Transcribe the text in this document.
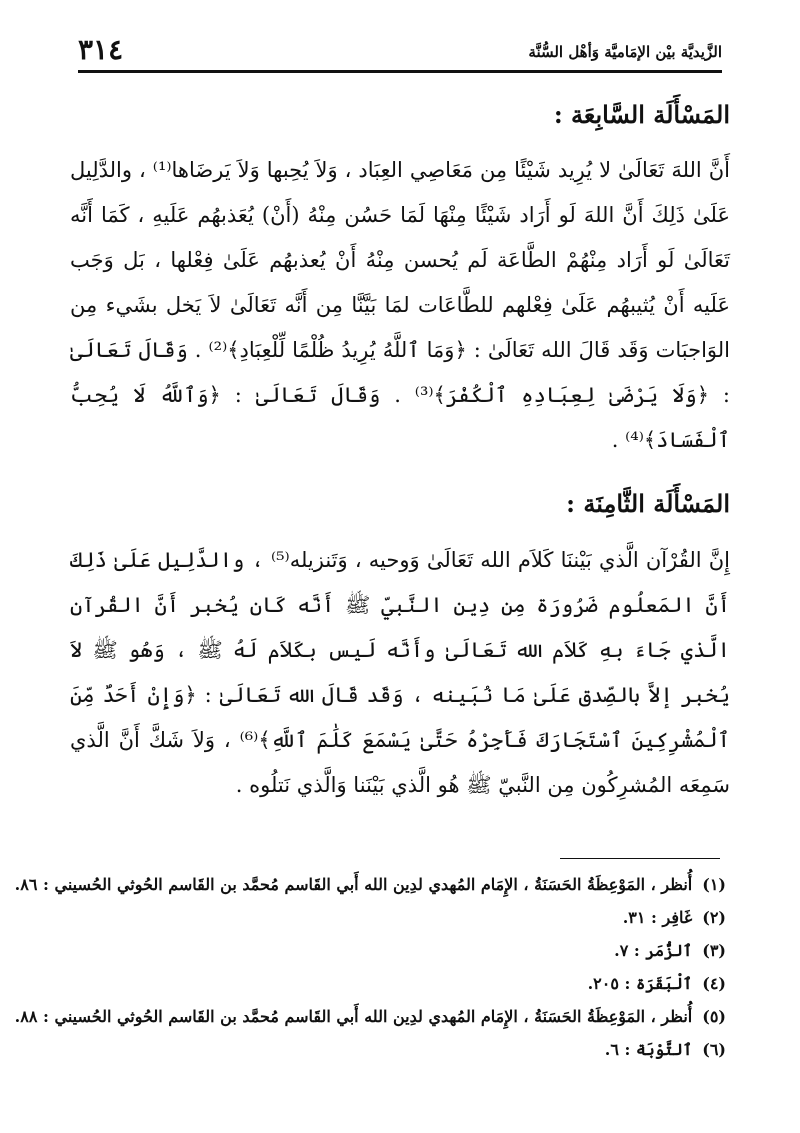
الزَّيديَّة بيْن الإمَاميَّة وَأهْل السُّنَّة
٣١٤
المَسْأَلَة السَّابِعَة :

أَنَّ اللهَ تَعَالَىٰ لا يُرِيد شَيْئًا مِن مَعَاصِي العِبَاد ، وَلاَ يُحِبها وَلاَ يَرضَاها⁽¹⁾ ، والدَّلِيل عَلَىٰ ذَلِكَ أَنَّ اللهَ لَو أَرَاد شَيْئًا مِنْهَا لَمَا حَسُن مِنْهُ (أَنْ) يُعَذبهُم عَلَيهِ ، كَمَا أَنَّه تَعَالَىٰ لَو أَرَاد مِنْهُمْ الطَّاعَة لَم يُحسن مِنْهُ أَنْ يُعذبهُم عَلَىٰ فِعْلها ، بَل وَجَب عَلَيه أَنْ يُثيبهُم عَلَىٰ فِعْلهم للطَّاعَات لمَا بَيَّنَّا مِن أَنَّه تَعَالَىٰ لاَ يَخل بشَيء مِن الوَاجبَات وَقَد قَالَ الله تَعَالَىٰ : ﴿وَمَا ٱللَّهُ يُرِيدُ ظُلْمًا لِّلْعِبَادِ﴾⁽²⁾ . وَقَالَ تَعَالَىٰ : ﴿وَلَا يَرْضَىٰ لِعِبَادِهِ ٱلْكُفْرَ﴾⁽³⁾ . وَقَالَ تَعَالَىٰ : ﴿وَٱللَّهُ لَا يُحِبُّ ٱلْفَسَادَ﴾⁽⁴⁾ .

المَسْأَلَة الثَّامِنَة :

إِنَّ القُرْآن الَّذي بَيْننَا كَلاَم الله تَعَالَىٰ وَوحيه ، وَتَنزيله⁽⁵⁾ ، والدَّلِيل عَلَىٰ ذَلِكَ أَنَّ المَعلُوم ضَرُورَة مِن دِين النَّبيّ ﷺ أَنَّه كَان يُخبر أَنَّ القُرآن الَّذي جَاءَ بهِ كَلاَم الله تَعَالَىٰ وأَنَّه لَيس بكَلاَم لَهُ ﷺ ، وَهُو ﷺ لاَ يُخبر إلاَّ بالصِّدق عَلَىٰ مَا نُبَينه ، وَقَد قَالَ الله تَعَالَىٰ : ﴿وَإِنْ أَحَدٌ مِّنَ ٱلْمُشْرِكِينَ ٱسْتَجَارَكَ فَأَجِرْهُ حَتَّىٰ يَسْمَعَ كَلَٰمَ ٱللَّهِ﴾⁽⁶⁾ ، وَلاَ شَكَّ أَنَّ الَّذي سَمِعَه المُشرِكُون مِن النَّبيّ ﷺ هُو الَّذي بَيْنَنا وَالَّذي نَتلُوه .

(١)أُنظر ، المَوْعِظَةُ الحَسَنَةُ ، الإِمَام المُهدي لدِين الله أَبي القَاسم مُحمَّد بن القَاسم الحُوثي الحُسيني : ٨٦.
(٢)غَافِر : ٣١.
(٣)ٱلزُّمَر : ٧.
(٤)ٱلْبَقَرَة : ٢٠٥.
(٥)أُنظر ، المَوْعِظَةُ الحَسَنَةُ ، الإِمَام المُهدي لدِين الله أَبي القَاسم مُحمَّد بن القَاسم الحُوثي الحُسيني : ٨٨.
(٦)ٱلتَّوْبَة : ٦.
